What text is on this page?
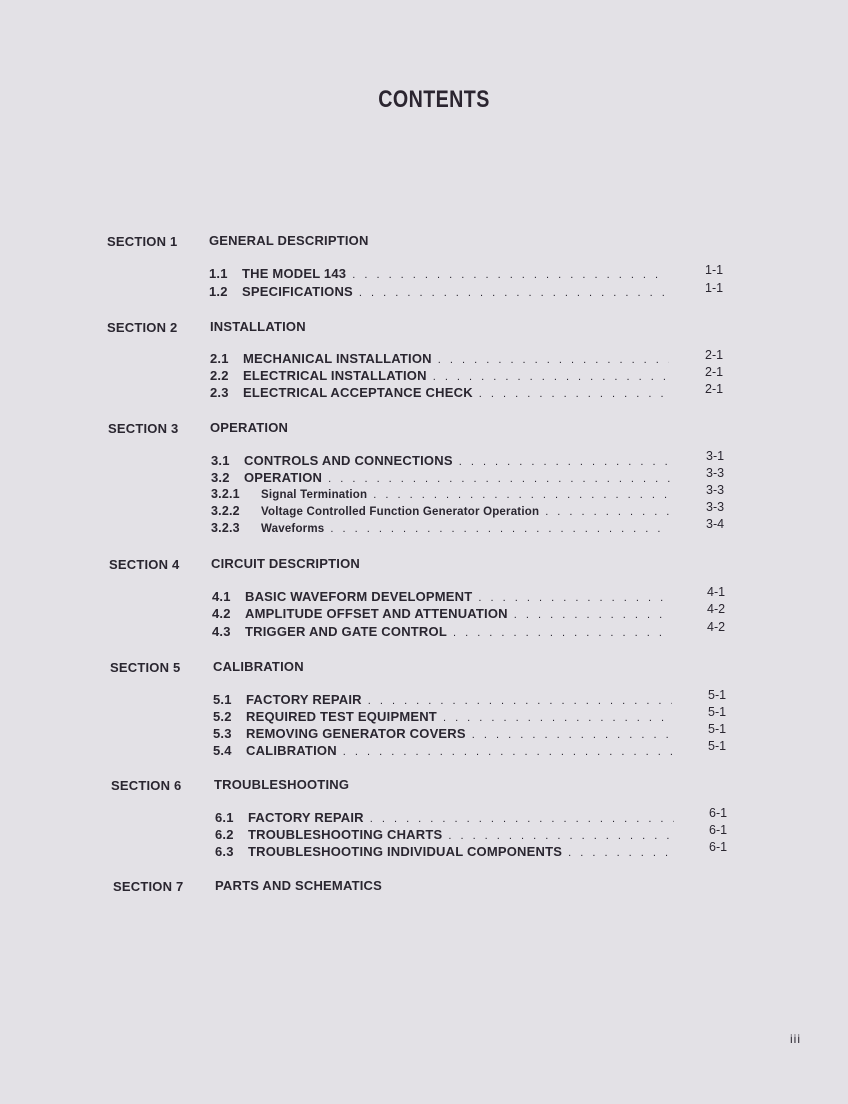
CONTENTS
SECTION 1 GENERAL DESCRIPTION
1.1	THE MODEL 143 . . .	1-1
1.2	SPECIFICATIONS . . .	1-1
SECTION 2	INSTALLATION
2.1	MECHANICAL INSTALLATION . . .	2-1
2.2	ELECTRICAL INSTALLATION . . .	2-1
2.3	ELECTRICAL ACCEPTANCE CHECK . . .	2-1
SECTION 3 OPERATION
3.1	CONTROLS AND CONNECTIONS . . .	3-1
3.2	OPERATION . . .	3-3
3.2.1	Signal Termination . . .	3-3
3.2.2	Voltage Controlled Function Generator Operation . . .	3-3
3.2.3	Waveforms . . .	3-4
SECTION 4 CIRCUIT DESCRIPTION
4.1	BASIC WAVEFORM DEVELOPMENT . . .	4-1
4.2	AMPLITUDE OFFSET AND ATTENUATION . . .	4-2
4.3	TRIGGER AND GATE CONTROL . . .	4-2
SECTION 5	CALIBRATION
5.1	FACTORY REPAIR . . .	5-1
5.2	REQUIRED TEST EQUIPMENT . . .	5-1
5.3	REMOVING GENERATOR COVERS . . .	5-1
5.4	CALIBRATION . . .	5-1
SECTION 6	TROUBLESHOOTING
6.1	FACTORY REPAIR . . .	6-1
6.2	TROUBLESHOOTING CHARTS . . .	6-1
6.3	TROUBLESHOOTING INDIVIDUAL COMPONENTS . . .	6-1
SECTION 7 PARTS AND SCHEMATICS
iii
